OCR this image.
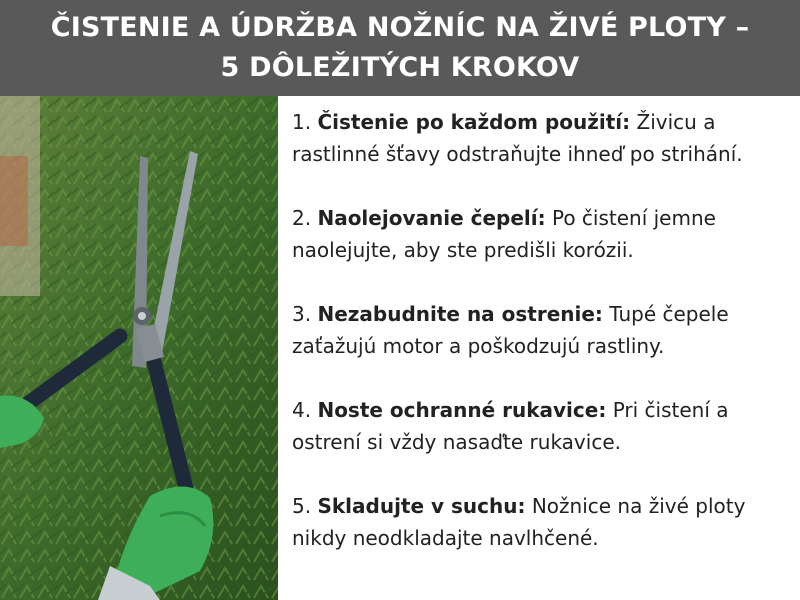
ČISTENIE A ÚDRŽBA NOŽNÍC NA ŽIVÉ PLOTY –
5 DÔLEŽITÝCH KROKOV
1. Čistenie po každom použití: Živicu a rastlinné šťavy odstraňujte ihneď po strihání.
2. Naolejovanie čepelí: Po čistení jemne naolejujte, aby ste predišli korózii.
3. Nezabudnite na ostrenie: Tupé čepele zaťažujú motor a poškodzujú rastliny.
4. Noste ochranné rukavice: Pri čistení a ostrení si vždy nasaďte rukavice.
5. Skladujte v suchu: Nožnice na živé ploty nikdy neodkladajte navlhčené.
